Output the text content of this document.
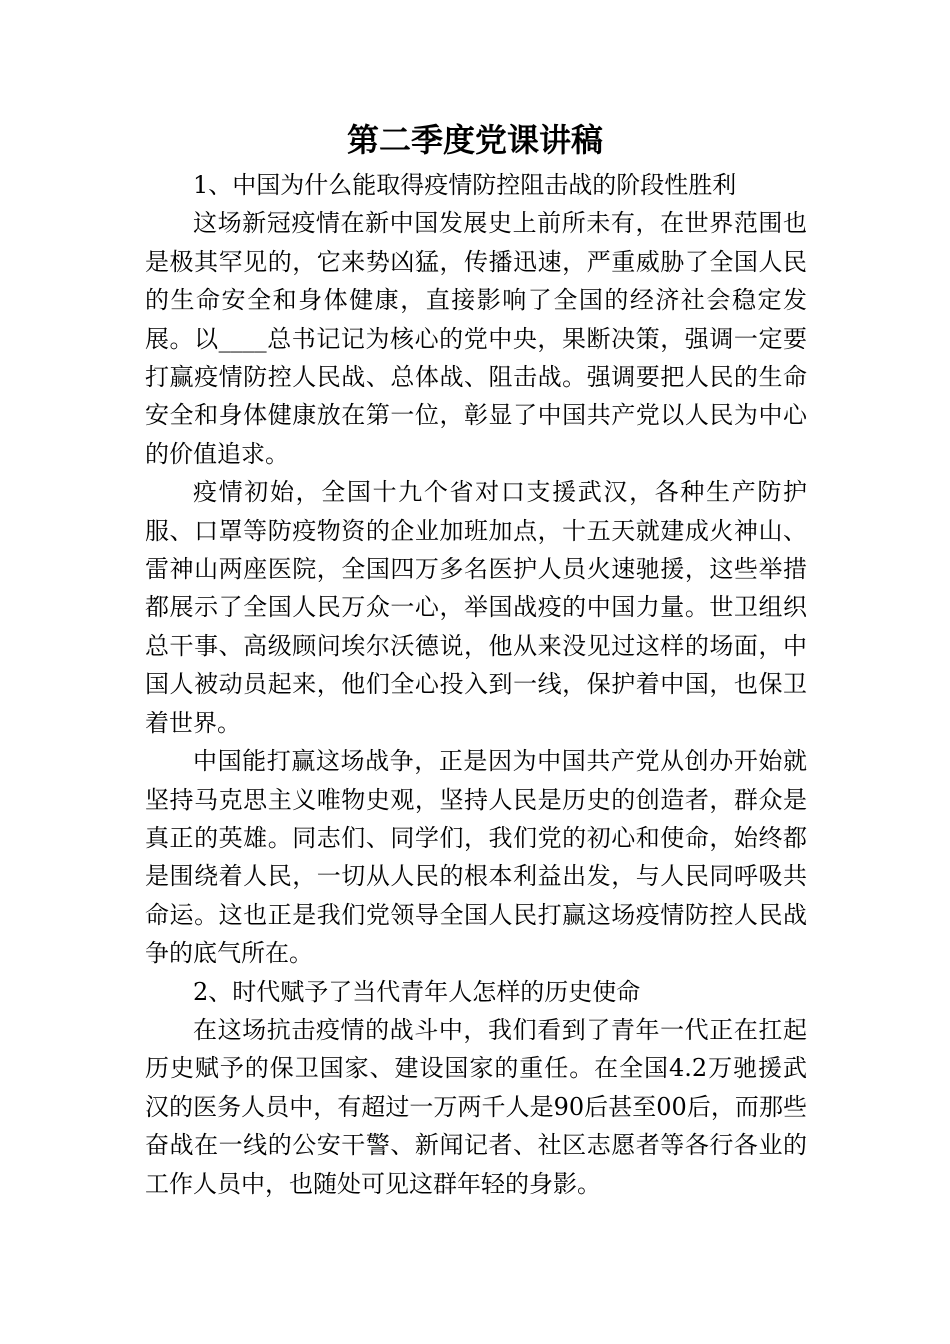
第二季度党课讲稿

1、中国为什么能取得疫情防控阻击战的阶段性胜利

这场新冠疫情在新中国发展史上前所未有，在世界范围也是极其罕见的，它来势凶猛，传播迅速，严重威胁了全国人民的生命安全和身体健康，直接影响了全国的经济社会稳定发展。以____总书记记为核心的党中央，果断决策，强调一定要打赢疫情防控人民战、总体战、阻击战。强调要把人民的生命安全和身体健康放在第一位，彰显了中国共产党以人民为中心的价值追求。

疫情初始，全国十九个省对口支援武汉，各种生产防护服、口罩等防疫物资的企业加班加点，十五天就建成火神山、雷神山两座医院，全国四万多名医护人员火速驰援，这些举措都展示了全国人民万众一心，举国战疫的中国力量。世卫组织总干事、高级顾问埃尔沃德说，他从来没见过这样的场面，中国人被动员起来，他们全心投入到一线，保护着中国，也保卫着世界。

中国能打赢这场战争，正是因为中国共产党从创办开始就坚持马克思主义唯物史观，坚持人民是历史的创造者，群众是真正的英雄。同志们、同学们，我们党的初心和使命，始终都是围绕着人民，一切从人民的根本利益出发，与人民同呼吸共命运。这也正是我们党领导全国人民打赢这场疫情防控人民战争的底气所在。

2、时代赋予了当代青年人怎样的历史使命

在这场抗击疫情的战斗中，我们看到了青年一代正在扛起历史赋予的保卫国家、建设国家的重任。在全国4.2万驰援武汉的医务人员中，有超过一万两千人是90后甚至00后，而那些奋战在一线的公安干警、新闻记者、社区志愿者等各行各业的工作人员中，也随处可见这群年轻的身影。
